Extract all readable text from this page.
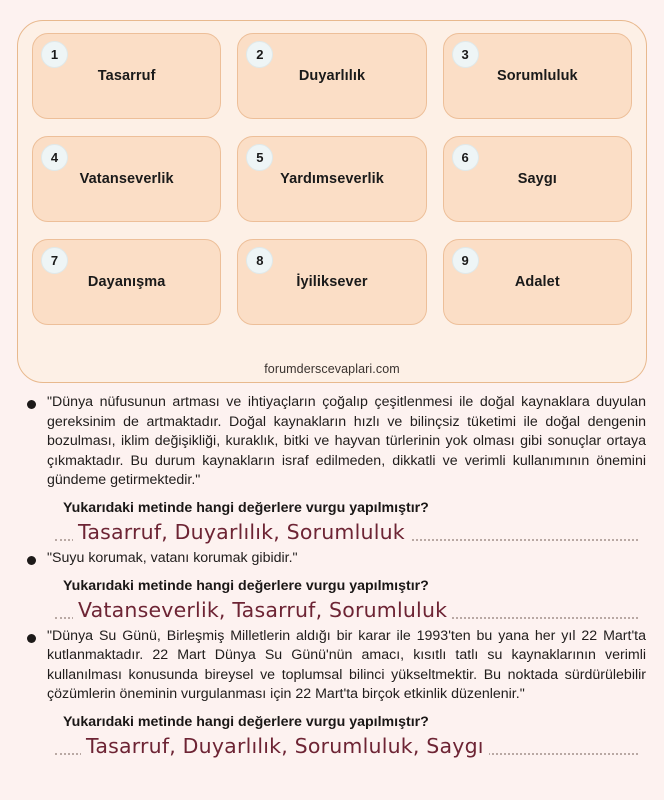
1
Tasarruf
2
Duyarlılık
3
Sorumluluk
4
Vatanseverlik
5
Yardımseverlik
6
Saygı
7
Dayanışma
8
İyiliksever
9
Adalet
forumderscevaplari.com

"Dünya nüfusunun artması ve ihtiyaçların çoğalıp çeşitlenmesi ile doğal kaynaklara duyulan gereksinim de artmaktadır. Doğal kaynakların hızlı ve bilinçsiz tüketimi ile doğal dengenin bozulması, iklim değişikliği, kuraklık, bitki ve hayvan türlerinin yok olması gibi sonuçlar ortaya çıkmaktadır. Bu durum kaynakların israf edilmeden, dikkatli ve verimli kullanımının önemini gündeme getirmektedir."

Yukarıdaki metinde hangi değerlere vurgu yapılmıştır?
Tasarruf, Duyarlılık, Sorumluluk

"Suyu korumak, vatanı korumak gibidir."

Yukarıdaki metinde hangi değerlere vurgu yapılmıştır?
Vatanseverlik, Tasarruf, Sorumluluk

"Dünya Su Günü, Birleşmiş Milletlerin aldığı bir karar ile 1993'ten bu yana her yıl 22 Mart'ta kutlanmaktadır. 22 Mart Dünya Su Günü'nün amacı, kısıtlı tatlı su kaynaklarının verimli kullanılması konusunda bireysel ve toplumsal bilinci yükseltmektir. Bu noktada sürdürülebilir çözümlerin öneminin vurgulanması için 22 Mart'ta birçok etkinlik düzenlenir."

Yukarıdaki metinde hangi değerlere vurgu yapılmıştır?
Tasarruf, Duyarlılık, Sorumluluk, Saygı
